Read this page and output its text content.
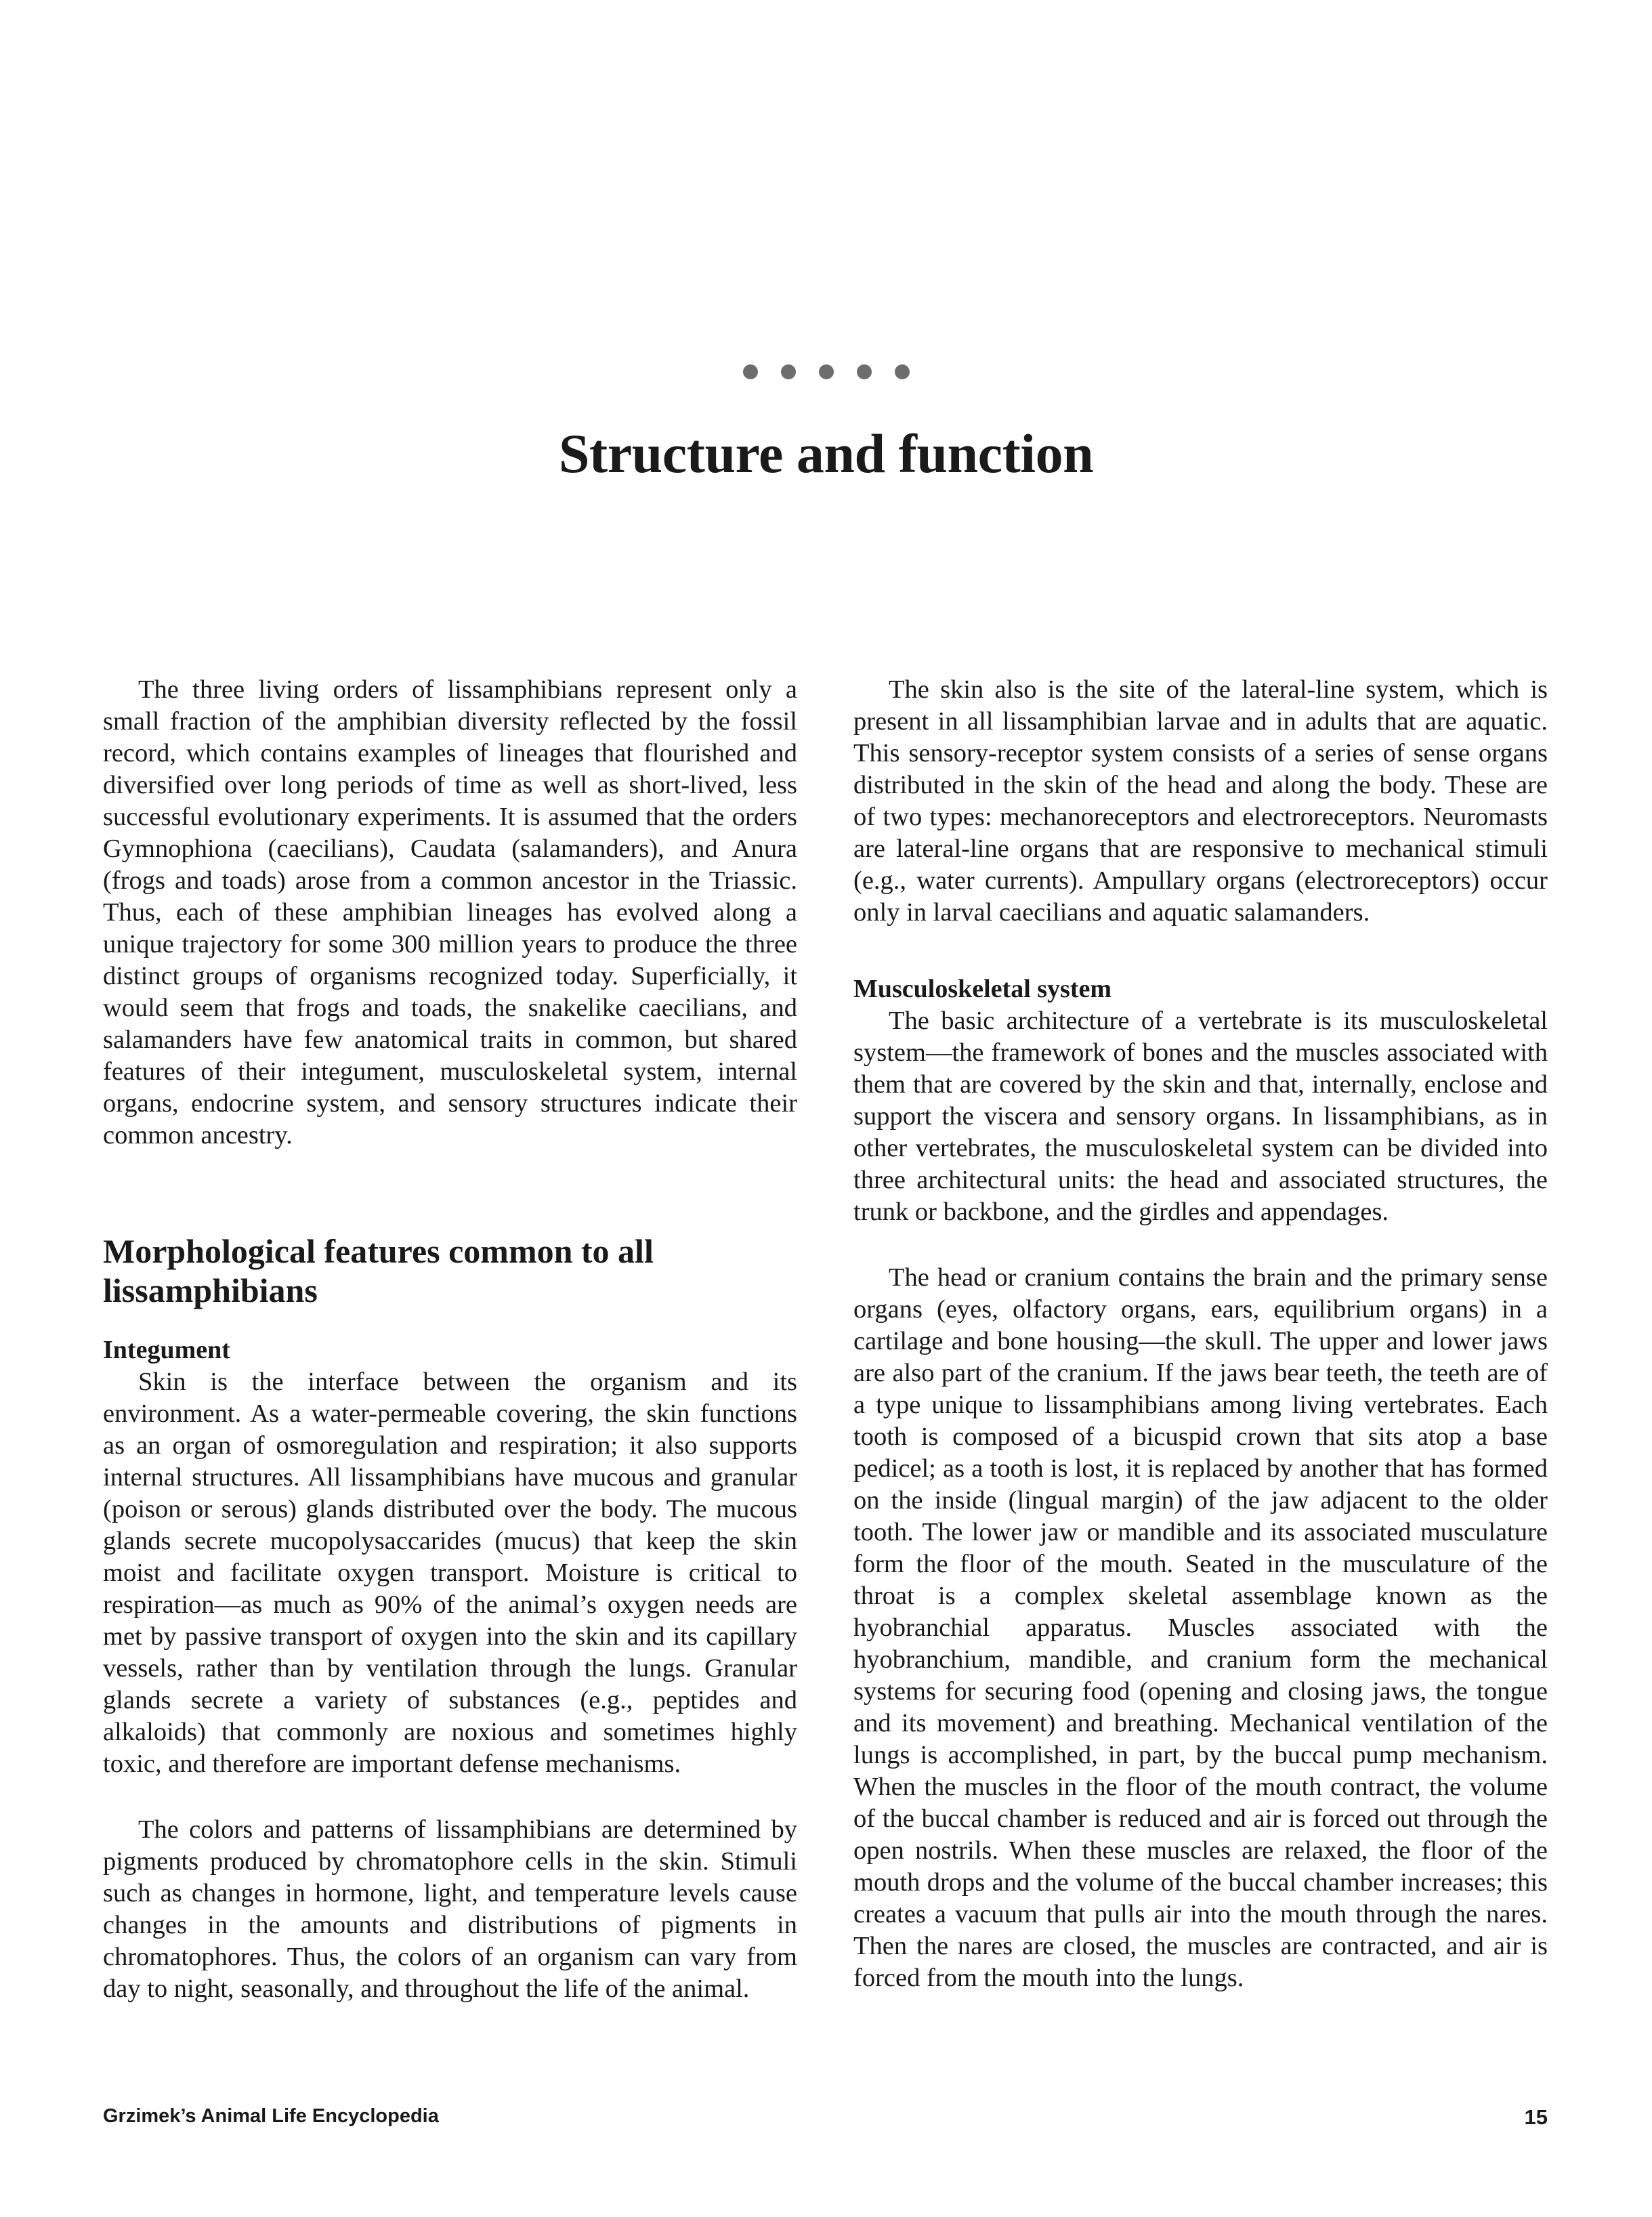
Structure and function

The three living orders of lissamphibians represent only a small fraction of the amphibian diversity reflected by the fossil record, which contains examples of lineages that flourished and diversified over long periods of time as well as short-lived, less successful evolutionary experiments. It is assumed that the orders Gymnophiona (caecilians), Caudata (salamanders), and Anura (frogs and toads) arose from a common ancestor in the Triassic. Thus, each of these amphibian lineages has evolved along a unique trajectory for some 300 million years to produce the three distinct groups of organisms recognized today. Superficially, it would seem that frogs and toads, the snakelike caecilians, and salamanders have few anatomical traits in common, but shared features of their integument, musculoskeletal system, internal organs, endocrine system, and sensory structures indicate their common ancestry.

Morphological features common to all lissamphibians
Integument

Skin is the interface between the organism and its environment. As a water-permeable covering, the skin functions as an organ of osmoregulation and respiration; it also supports internal structures. All lissamphibians have mucous and granular (poison or serous) glands distributed over the body. The mucous glands secrete mucopolysaccarides (mucus) that keep the skin moist and facilitate oxygen transport. Moisture is critical to respiration—as much as 90% of the animal’s oxygen needs are met by passive transport of oxygen into the skin and its capillary vessels, rather than by ventilation through the lungs. Granular glands secrete a variety of substances (e.g., peptides and alkaloids) that commonly are noxious and sometimes highly toxic, and therefore are important defense mechanisms.

The colors and patterns of lissamphibians are determined by pigments produced by chromatophore cells in the skin. Stimuli such as changes in hormone, light, and temperature levels cause changes in the amounts and distributions of pigments in chromatophores. Thus, the colors of an organism can vary from day to night, seasonally, and throughout the life of the animal.

The skin also is the site of the lateral-line system, which is present in all lissamphibian larvae and in adults that are aquatic. This sensory-receptor system consists of a series of sense organs distributed in the skin of the head and along the body. These are of two types: mechanoreceptors and electroreceptors. Neuromasts are lateral-line organs that are responsive to mechanical stimuli (e.g., water currents). Ampullary organs (electroreceptors) occur only in larval caecilians and aquatic salamanders.

Musculoskeletal system

The basic architecture of a vertebrate is its musculoskeletal system—the framework of bones and the muscles associated with them that are covered by the skin and that, internally, enclose and support the viscera and sensory organs. In lissamphibians, as in other vertebrates, the musculoskeletal system can be divided into three architectural units: the head and associated structures, the trunk or backbone, and the girdles and appendages.

The head or cranium contains the brain and the primary sense organs (eyes, olfactory organs, ears, equilibrium organs) in a cartilage and bone housing—the skull. The upper and lower jaws are also part of the cranium. If the jaws bear teeth, the teeth are of a type unique to lissamphibians among living vertebrates. Each tooth is composed of a bicuspid crown that sits atop a base pedicel; as a tooth is lost, it is replaced by another that has formed on the inside (lingual margin) of the jaw adjacent to the older tooth. The lower jaw or mandible and its associated musculature form the floor of the mouth. Seated in the musculature of the throat is a complex skeletal assemblage known as the hyobranchial apparatus. Muscles associated with the hyobranchium, mandible, and cranium form the mechanical systems for securing food (opening and closing jaws, the tongue and its movement) and breathing. Mechanical ventilation of the lungs is accomplished, in part, by the buccal pump mechanism. When the muscles in the floor of the mouth contract, the volume of the buccal chamber is reduced and air is forced out through the open nostrils. When these muscles are relaxed, the floor of the mouth drops and the volume of the buccal chamber increases; this creates a vacuum that pulls air into the mouth through the nares. Then the nares are closed, the muscles are contracted, and air is forced from the mouth into the lungs.

Grzimek’s Animal Life Encyclopedia	15
